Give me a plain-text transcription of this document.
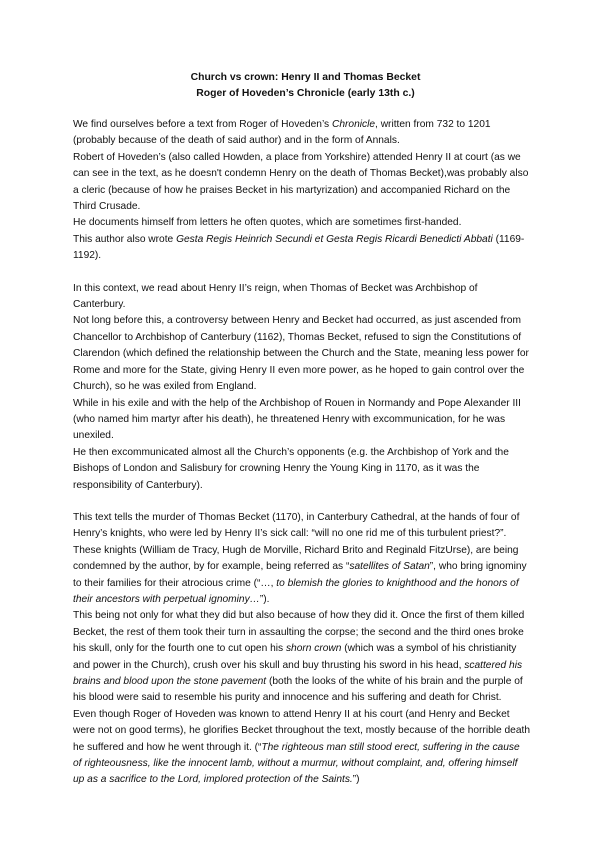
Church vs crown: Henry II and Thomas Becket
Roger of Hoveden’s Chronicle (early 13th c.)

We find ourselves before a text from Roger of Hoveden’s Chronicle, written from 732 to 1201 (probably because of the death of said author) and in the form of Annals.

Robert of Hoveden’s (also called Howden, a place from Yorkshire) attended Henry II at court (as we can see in the text, as he doesn't condemn Henry on the death of Thomas Becket),was probably also a cleric (because of how he praises Becket in his martyrization) and accompanied Richard on the Third Crusade.

He documents himself from letters he often quotes, which are sometimes first-handed.

This author also wrote Gesta Regis Heinrich Secundi et Gesta Regis Ricardi Benedicti Abbati (1169-1192).

In this context, we read about Henry II’s reign, when Thomas of Becket was Archbishop of Canterbury.

Not long before this, a controversy between Henry and Becket had occurred, as just ascended from Chancellor to Archbishop of Canterbury (1162), Thomas Becket, refused to sign the Constitutions of Clarendon (which defined the relationship between the Church and the State, meaning less power for Rome and more for the State, giving Henry II even more power, as he hoped to gain control over the Church), so he was exiled from England.

While in his exile and with the help of the Archbishop of Rouen in Normandy and Pope Alexander III (who named him martyr after his death), he threatened Henry with excommunication, for he was unexiled.

He then excommunicated almost all the Church’s opponents (e.g. the Archbishop of York and the Bishops of London and Salisbury for crowning Henry the Young King in 1170, as it was the responsibility of Canterbury).

This text tells the murder of Thomas Becket (1170), in Canterbury Cathedral, at the hands of four of Henry’s knights, who were led by Henry II’s sick call: “will no one rid me of this turbulent priest?”.

These knights (William de Tracy, Hugh de Morville, Richard Brito and Reginald FitzUrse), are being condemned by the author, by for example, being referred as “satellites of Satan”, who bring ignominy to their families for their atrocious crime (“…, to blemish the glories to knighthood and the honors of their ancestors with perpetual ignominy…”).

This being not only for what they did but also because of how they did it. Once the first of them killed Becket, the rest of them took their turn in assaulting the corpse; the second and the third ones broke his skull, only for the fourth one to cut open his shorn crown (which was a symbol of his christianity and power in the Church), crush over his skull and buy thrusting his sword in his head, scattered his brains and blood upon the stone pavement (both the looks of the white of his brain and the purple of his blood were said to resemble his purity and innocence and his suffering and death for Christ.

Even though Roger of Hoveden was known to attend Henry II at his court (and Henry and Becket were not on good terms), he glorifies Becket throughout the text, mostly because of the horrible death he suffered and how he went through it. (“The righteous man still stood erect, suffering in the cause of righteousness, like the innocent lamb, without a murmur, without complaint, and, offering himself up as a sacrifice to the Lord, implored protection of the Saints.”)
